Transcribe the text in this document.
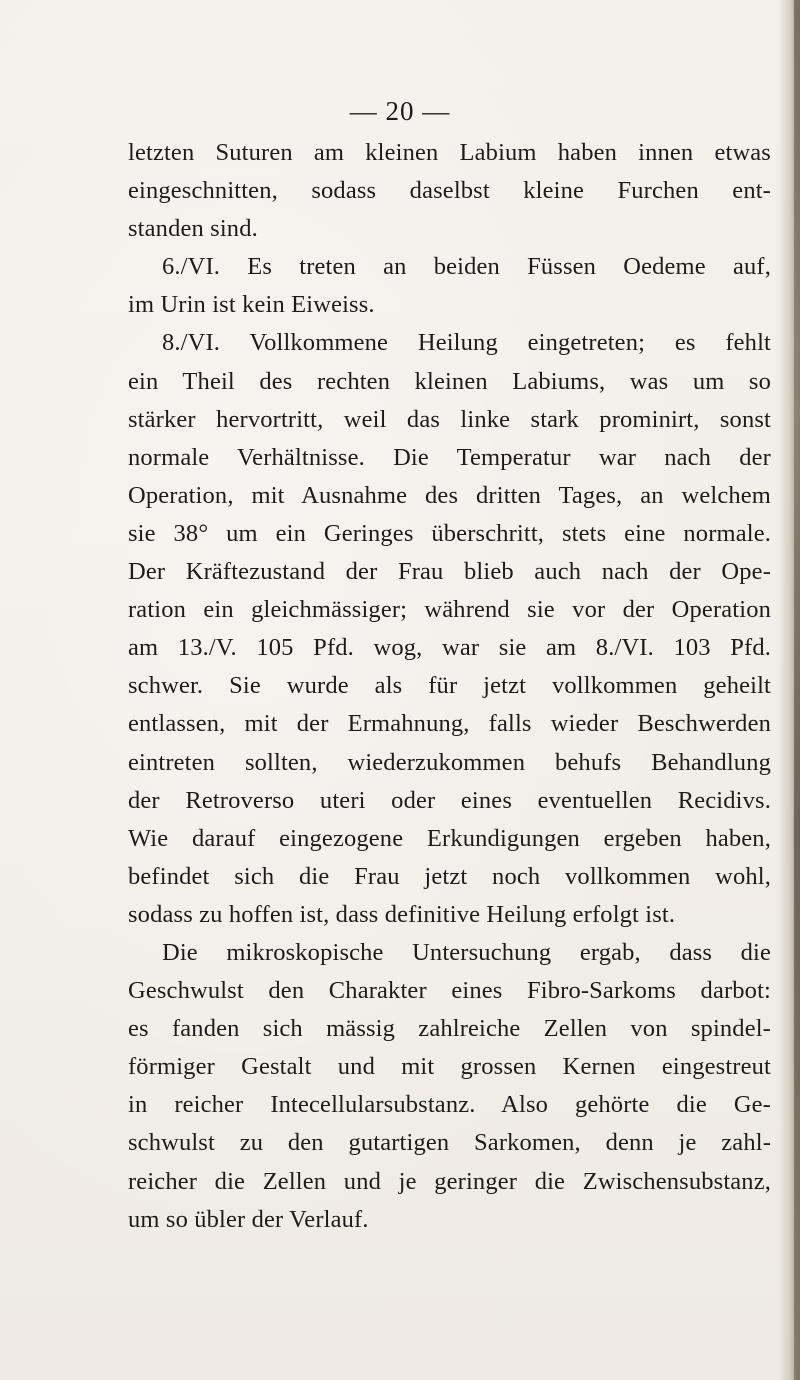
— 20 —
letzten Suturen am kleinen Labium haben innen etwas
eingeschnitten, sodass daselbst kleine Furchen ent-
standen sind.
6./VI. Es treten an beiden Füssen Oedeme auf,
im Urin ist kein Eiweiss.
8./VI. Vollkommene Heilung eingetreten; es fehlt
ein Theil des rechten kleinen Labiums, was um so
stärker hervortritt, weil das linke stark prominirt, sonst
normale Verhältnisse. Die Temperatur war nach der
Operation, mit Ausnahme des dritten Tages, an welchem
sie 38° um ein Geringes überschritt, stets eine normale.
Der Kräftezustand der Frau blieb auch nach der Ope-
ration ein gleichmässiger; während sie vor der Operation
am 13./V. 105 Pfd. wog, war sie am 8./VI. 103 Pfd.
schwer. Sie wurde als für jetzt vollkommen geheilt
entlassen, mit der Ermahnung, falls wieder Beschwerden
eintreten sollten, wiederzukommen behufs Behandlung
der Retroverso uteri oder eines eventuellen Recidivs.
Wie darauf eingezogene Erkundigungen ergeben haben,
befindet sich die Frau jetzt noch vollkommen wohl,
sodass zu hoffen ist, dass definitive Heilung erfolgt ist.
Die mikroskopische Untersuchung ergab, dass die
Geschwulst den Charakter eines Fibro-Sarkoms darbot:
es fanden sich mässig zahlreiche Zellen von spindel-
förmiger Gestalt und mit grossen Kernen eingestreut
in reicher Intecellularsubstanz. Also gehörte die Ge-
schwulst zu den gutartigen Sarkomen, denn je zahl-
reicher die Zellen und je geringer die Zwischensubstanz,
um so übler der Verlauf.
